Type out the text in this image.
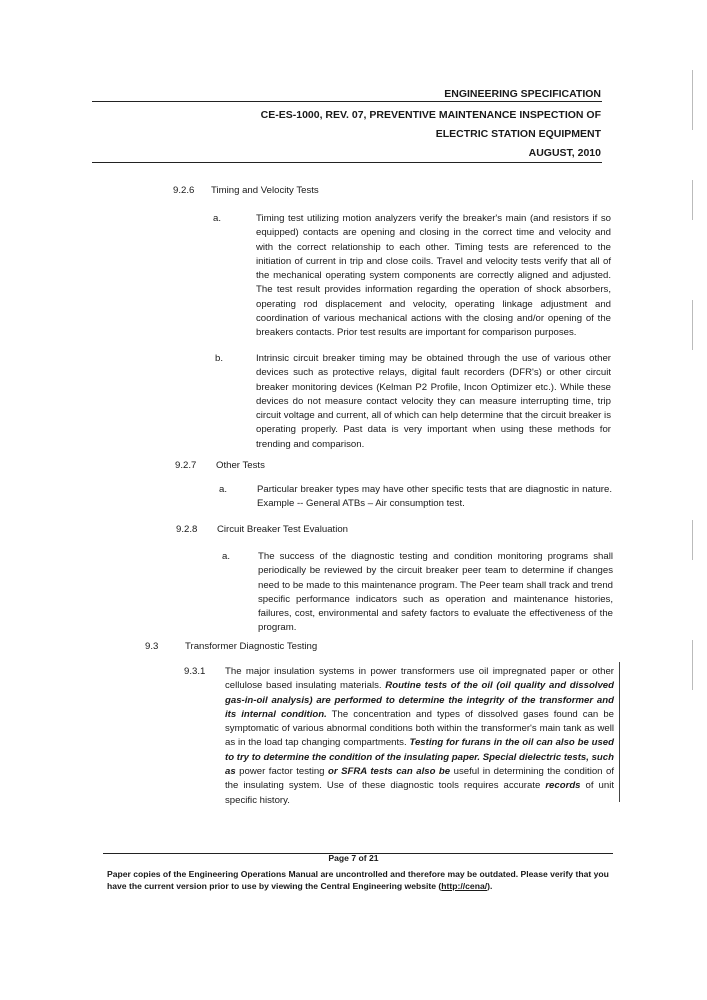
ENGINEERING SPECIFICATION
CE-ES-1000, REV. 07, PREVENTIVE MAINTENANCE INSPECTION OF
ELECTRIC STATION EQUIPMENT
AUGUST, 2010
9.2.6 Timing and Velocity Tests
a.	Timing test utilizing motion analyzers verify the breaker's main (and resistors if so equipped) contacts are opening and closing in the correct time and velocity and with the correct relationship to each other. Timing tests are referenced to the initiation of current in trip and close coils. Travel and velocity tests verify that all of the mechanical operating system components are correctly aligned and adjusted. The test result provides information regarding the operation of shock absorbers, operating rod displacement and velocity, operating linkage adjustment and coordination of various mechanical actions with the closing and/or opening of the breakers contacts. Prior test results are important for comparison purposes.
b.	Intrinsic circuit breaker timing may be obtained through the use of various other devices such as protective relays, digital fault recorders (DFR's) or other circuit breaker monitoring devices (Kelman P2 Profile, Incon Optimizer etc.). While these devices do not measure contact velocity they can measure interrupting time, trip circuit voltage and current, all of which can help determine that the circuit breaker is operating properly. Past data is very important when using these methods for trending and comparison.
9.2.7 Other Tests
a.	Particular breaker types may have other specific tests that are diagnostic in nature. Example -- General ATBs – Air consumption test.
9.2.8 Circuit Breaker Test Evaluation
a.	The success of the diagnostic testing and condition monitoring programs shall periodically be reviewed by the circuit breaker peer team to determine if changes need to be made to this maintenance program. The Peer team shall track and trend specific performance indicators such as operation and maintenance histories, failures, cost, environmental and safety factors to evaluate the effectiveness of the program.
9.3	Transformer Diagnostic Testing
9.3.1 The major insulation systems in power transformers use oil impregnated paper or other cellulose based insulating materials. Routine tests of the oil (oil quality and dissolved gas-in-oil analysis) are performed to determine the integrity of the transformer and its internal condition. The concentration and types of dissolved gases found can be symptomatic of various abnormal conditions both within the transformer's main tank as well as in the load tap changing compartments. Testing for furans in the oil can also be used to try to determine the condition of the insulating paper. Special dielectric tests, such as power factor testing or SFRA tests can also be useful in determining the condition of the insulating system. Use of these diagnostic tools requires accurate records of unit specific history.
Page 7 of 21
Paper copies of the Engineering Operations Manual are uncontrolled and therefore may be outdated. Please verify that you have the current version prior to use by viewing the Central Engineering website (http://cena/).
